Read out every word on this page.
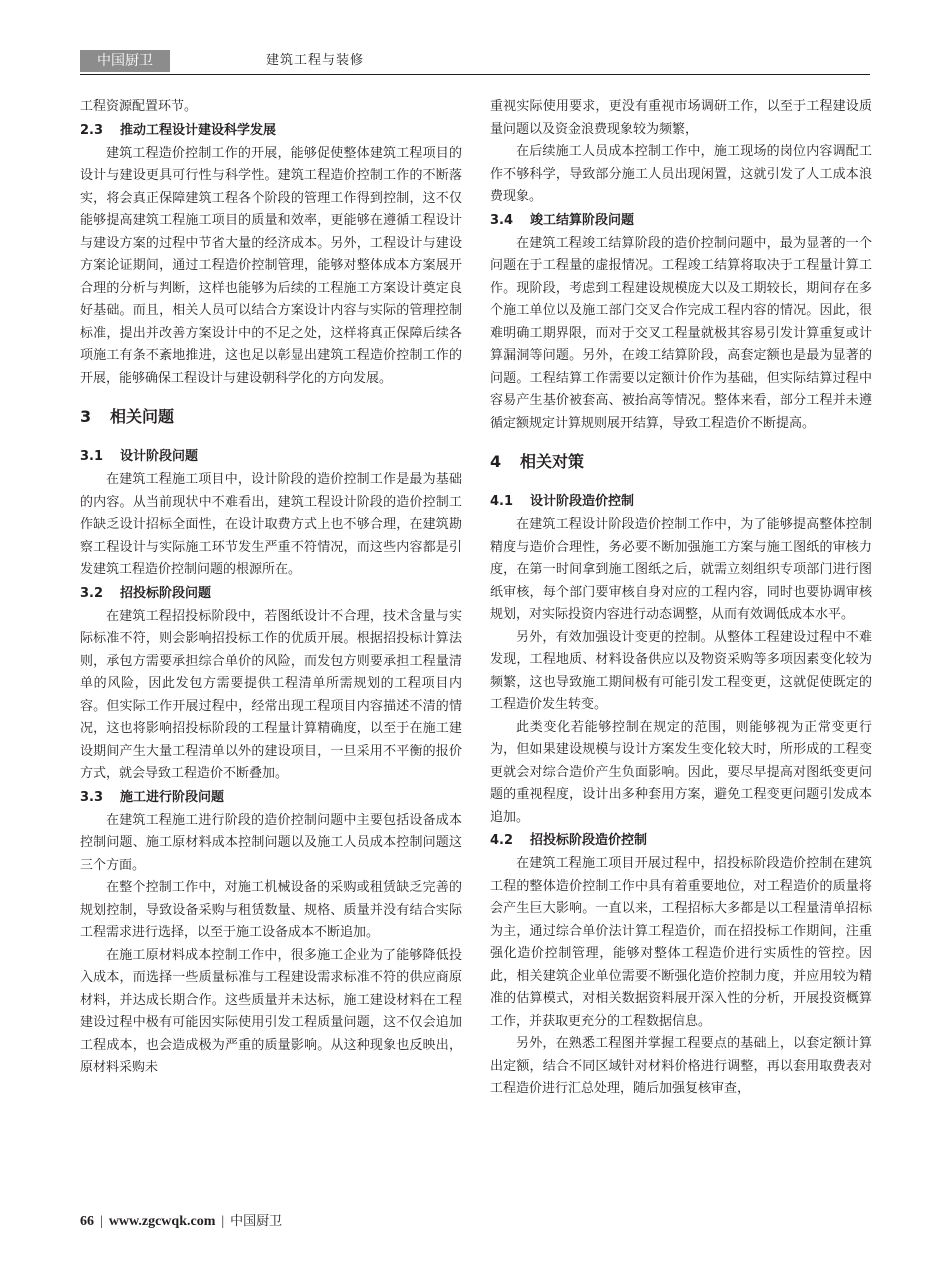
中国厨卫	建筑工程与装修

工程资源配置环节。

2.3 推动工程设计建设科学发展

建筑工程造价控制工作的开展，能够促使整体建筑工程项目的设计与建设更具可行性与科学性。建筑工程造价控制工作的不断落实，将会真正保障建筑工程各个阶段的管理工作得到控制，这不仅能够提高建筑工程施工项目的质量和效率，更能够在遵循工程设计与建设方案的过程中节省大量的经济成本。另外，工程设计与建设方案论证期间，通过工程造价控制管理，能够对整体成本方案展开合理的分析与判断，这样也能够为后续的工程施工方案设计奠定良好基础。而且，相关人员可以结合方案设计内容与实际的管理控制标准，提出并改善方案设计中的不足之处，这样将真正保障后续各项施工有条不紊地推进，这也足以彰显出建筑工程造价控制工作的开展，能够确保工程设计与建设朝科学化的方向发展。

3 相关问题
3.1 设计阶段问题

在建筑工程施工项目中，设计阶段的造价控制工作是最为基础的内容。从当前现状中不难看出，建筑工程设计阶段的造价控制工作缺乏设计招标全面性，在设计取费方式上也不够合理，在建筑勘察工程设计与实际施工环节发生严重不符情况，而这些内容都是引发建筑工程造价控制问题的根源所在。

3.2 招投标阶段问题

在建筑工程招投标阶段中，若图纸设计不合理，技术含量与实际标准不符，则会影响招投标工作的优质开展。根据招投标计算法则，承包方需要承担综合单价的风险，而发包方则要承担工程量清单的风险，因此发包方需要提供工程清单所需规划的工程项目内容。但实际工作开展过程中，经常出现工程项目内容描述不清的情况，这也将影响招投标阶段的工程量计算精确度，以至于在施工建设期间产生大量工程清单以外的建设项目，一旦采用不平衡的报价方式，就会导致工程造价不断叠加。

3.3 施工进行阶段问题

在建筑工程施工进行阶段的造价控制问题中主要包括设备成本控制问题、施工原材料成本控制问题以及施工人员成本控制问题这三个方面。

在整个控制工作中，对施工机械设备的采购或租赁缺乏完善的规划控制，导致设备采购与租赁数量、规格、质量并没有结合实际工程需求进行选择，以至于施工设备成本不断追加。

在施工原材料成本控制工作中，很多施工企业为了能够降低投入成本，而选择一些质量标准与工程建设需求标准不符的供应商原材料，并达成长期合作。这些质量并未达标，施工建设材料在工程建设过程中极有可能因实际使用引发工程质量问题，这不仅会追加工程成本，也会造成极为严重的质量影响。从这种现象也反映出，原材料采购未

重视实际使用要求，更没有重视市场调研工作，以至于工程建设质量问题以及资金浪费现象较为频繁，

在后续施工人员成本控制工作中，施工现场的岗位内容调配工作不够科学，导致部分施工人员出现闲置，这就引发了人工成本浪费现象。

3.4 竣工结算阶段问题

在建筑工程竣工结算阶段的造价控制问题中，最为显著的一个问题在于工程量的虚报情况。工程竣工结算将取决于工程量计算工作。现阶段，考虑到工程建设规模庞大以及工期较长，期间存在多个施工单位以及施工部门交叉合作完成工程内容的情况。因此，很难明确工期界限，而对于交叉工程量就极其容易引发计算重复或计算漏洞等问题。另外，在竣工结算阶段，高套定额也是最为显著的问题。工程结算工作需要以定额计价作为基础，但实际结算过程中容易产生基价被套高、被抬高等情况。整体来看，部分工程并未遵循定额规定计算规则展开结算，导致工程造价不断提高。

4 相关对策
4.1 设计阶段造价控制

在建筑工程设计阶段造价控制工作中，为了能够提高整体控制精度与造价合理性，务必要不断加强施工方案与施工图纸的审核力度，在第一时间拿到施工图纸之后，就需立刻组织专项部门进行图纸审核，每个部门要审核自身对应的工程内容，同时也要协调审核规划，对实际投资内容进行动态调整，从而有效调低成本水平。

另外，有效加强设计变更的控制。从整体工程建设过程中不难发现，工程地质、材料设备供应以及物资采购等多项因素变化较为频繁，这也导致施工期间极有可能引发工程变更，这就促使既定的工程造价发生转变。

此类变化若能够控制在规定的范围，则能够视为正常变更行为，但如果建设规模与设计方案发生变化较大时，所形成的工程变更就会对综合造价产生负面影响。因此，要尽早提高对图纸变更问题的重视程度，设计出多种套用方案，避免工程变更问题引发成本追加。

4.2 招投标阶段造价控制

在建筑工程施工项目开展过程中，招投标阶段造价控制在建筑工程的整体造价控制工作中具有着重要地位，对工程造价的质量将会产生巨大影响。一直以来，工程招标大多都是以工程量清单招标为主，通过综合单价法计算工程造价，而在招投标工作期间，注重强化造价控制管理，能够对整体工程造价进行实质性的管控。因此，相关建筑企业单位需要不断强化造价控制力度，并应用较为精准的估算模式，对相关数据资料展开深入性的分析，开展投资概算工作，并获取更充分的工程数据信息。

另外，在熟悉工程图并掌握工程要点的基础上，以套定额计算出定额，结合不同区域针对材料价格进行调整，再以套用取费表对工程造价进行汇总处理，随后加强复核审查，

66 | www.zgcwqk.com | 中国厨卫
